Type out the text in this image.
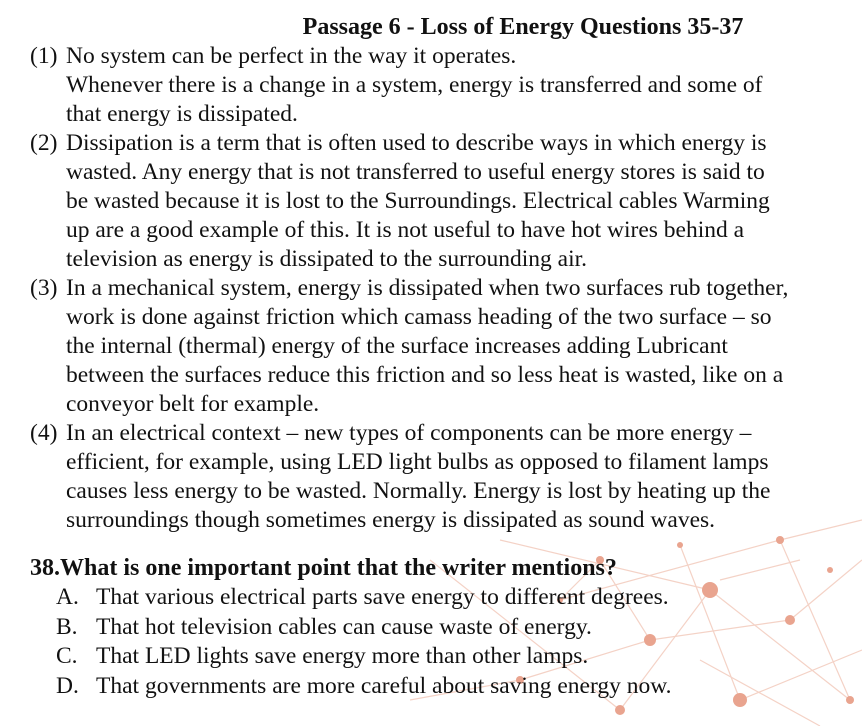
Passage 6 - Loss of Energy Questions 35-37
(1) No system can be perfect in the way it operates.
Whenever there is a change in a system, energy is transferred and some of
that energy is dissipated.
(2) Dissipation is a term that is often used to describe ways in which energy is
wasted. Any energy that is not transferred to useful energy stores is said to
be wasted because it is lost to the Surroundings. Electrical cables Warming
up are a good example of this. It is not useful to have hot wires behind a
television as energy is dissipated to the surrounding air.
(3) In a mechanical system, energy is dissipated when two surfaces rub together,
work is done against friction which camass heading of the two surface – so
the internal (thermal) energy of the surface increases adding Lubricant
between the surfaces reduce this friction and so less heat is wasted, like on a
conveyor belt for example.
(4) In an electrical context – new types of components can be more energy –
efficient, for example, using LED light bulbs as opposed to filament lamps
causes less energy to be wasted. Normally. Energy is lost by heating up the
surroundings though sometimes energy is dissipated as sound waves.
38.What is one important point that the writer mentions?
A. That various electrical parts save energy to different degrees.
B. That hot television cables can cause waste of energy.
C. That LED lights save energy more than other lamps.
D. That governments are more careful about saving energy now.
